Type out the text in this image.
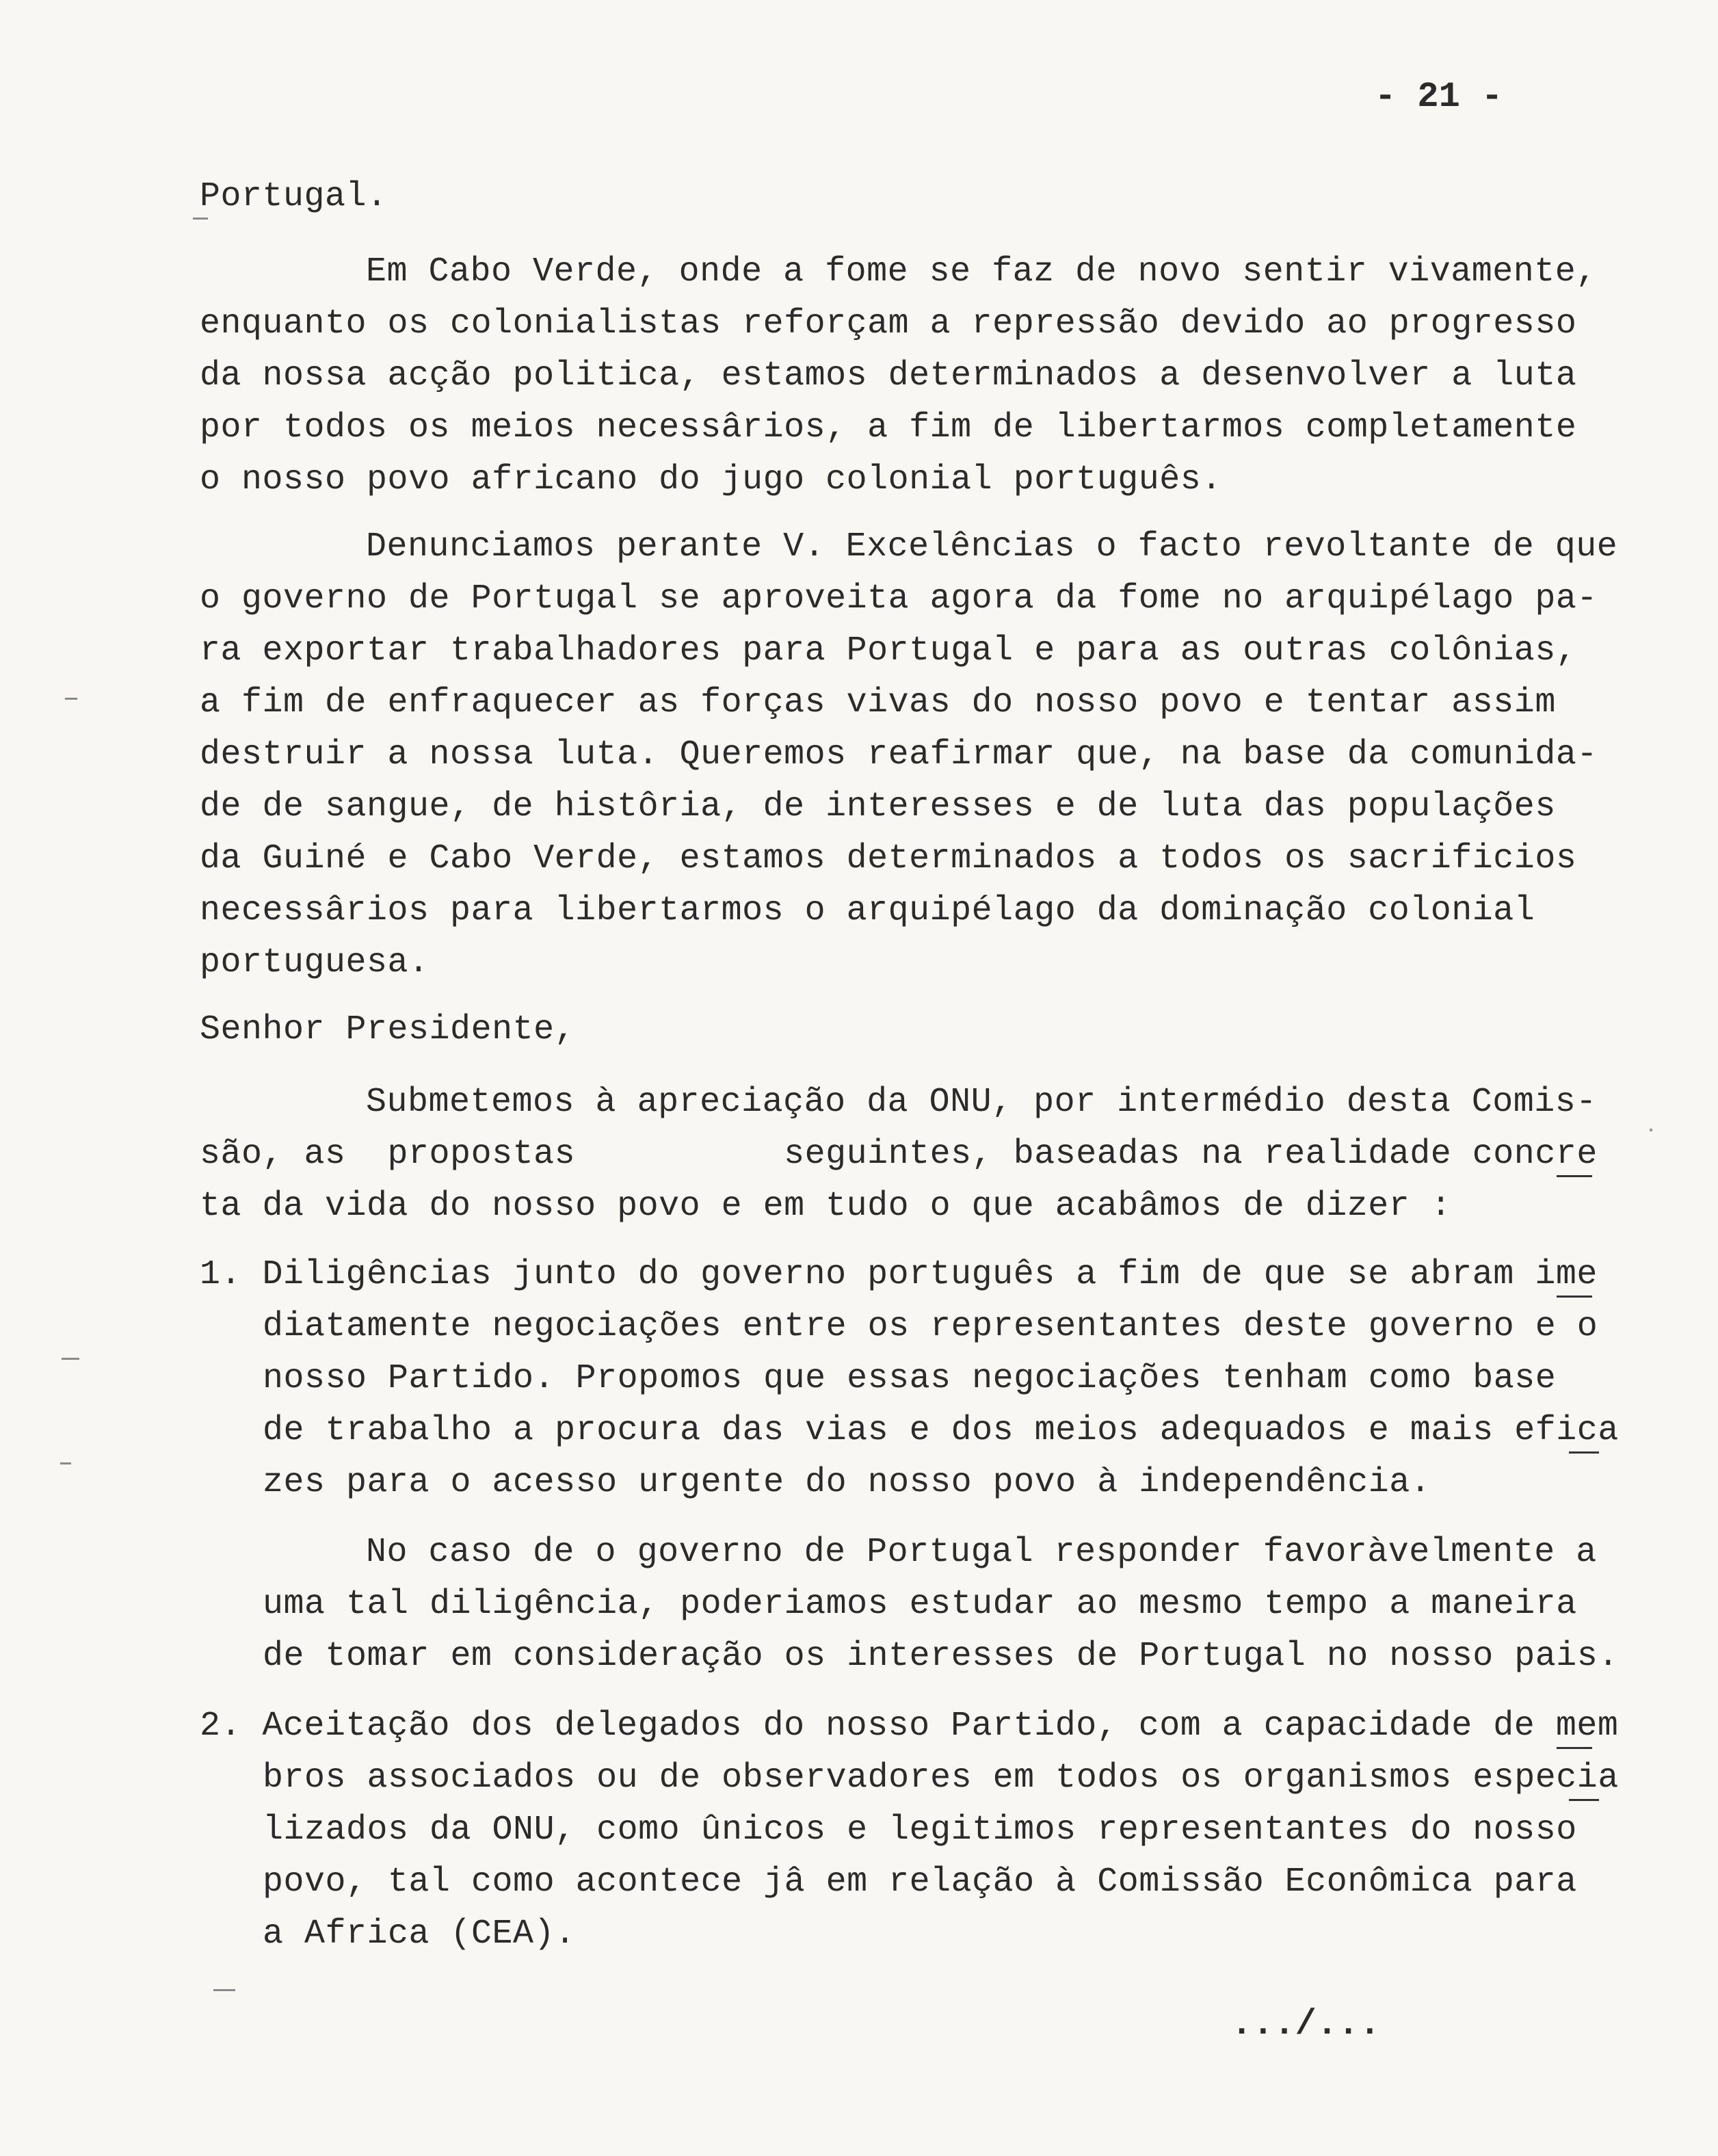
- 21 -
Portugal.
Em Cabo Verde, onde a fome se faz de novo sentir vivamente,
enquanto os colonialistas reforçam a repressão devido ao progresso
da nossa acção politica, estamos determinados a desenvolver a luta
por todos os meios necessârios, a fim de libertarmos completamente
o nosso povo africano do jugo colonial português.
Denunciamos perante V. Excelências o facto revoltante de que
o governo de Portugal se aproveita agora da fome no arquipélago pa-
ra exportar trabalhadores para Portugal e para as outras colônias,
a fim de enfraquecer as forças vivas do nosso povo e tentar assim
destruir a nossa luta. Queremos reafirmar que, na base da comunida-
de de sangue, de histôria, de interesses e de luta das populações
da Guiné e Cabo Verde, estamos determinados a todos os sacrificios
necessârios para libertarmos o arquipélago da dominação colonial
portuguesa.
Senhor Presidente,
Submetemos à apreciação da ONU, por intermédio desta Comis-
são, as  propostas          seguintes, baseadas na realidade concre
ta da vida do nosso povo e em tudo o que acabâmos de dizer :
1. Diligências junto do governo português a fim de que se abram ime
diatamente negociações entre os representantes deste governo e o
nosso Partido. Propomos que essas negociações tenham como base
de trabalho a procura das vias e dos meios adequados e mais efica
zes para o acesso urgente do nosso povo à independência.
No caso de o governo de Portugal responder favoràvelmente a
uma tal diligência, poderiamos estudar ao mesmo tempo a maneira
de tomar em consideração os interesses de Portugal no nosso pais.
2. Aceitação dos delegados do nosso Partido, com a capacidade de mem
bros associados ou de observadores em todos os organismos especia
lizados da ONU, como ûnicos e legitimos representantes do nosso
povo, tal como acontece jâ em relação à Comissão Econômica para
a Africa (CEA).
.../...
